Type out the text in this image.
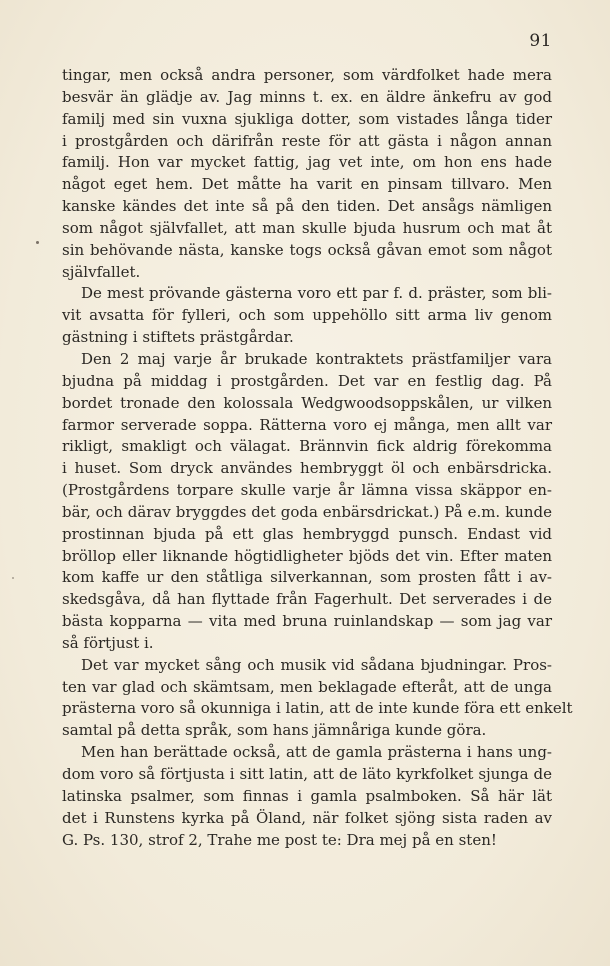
91
tingar, men också andra personer, som värdfolket hade mera
besvär än glädje av. Jag minns t. ex. en äldre änkefru av god
familj med sin vuxna sjukliga dotter, som vistades långa tider
i prostgården och därifrån reste för att gästa i någon annan
familj. Hon var mycket fattig, jag vet inte, om hon ens hade
något eget hem. Det måtte ha varit en pinsam tillvaro. Men
kanske kändes det inte så på den tiden. Det ansågs nämligen
som något självfallet, att man skulle bjuda husrum och mat åt
sin behövande nästa, kanske togs också gåvan emot som något
självfallet.
De mest prövande gästerna voro ett par f. d. präster, som bli-
vit avsatta för fylleri, och som uppehöllo sitt arma liv genom
gästning i stiftets prästgårdar.
Den 2 maj varje år brukade kontraktets prästfamiljer vara
bjudna på middag i prostgården. Det var en festlig dag. På
bordet tronade den kolossala Wedgwoodsoppskålen, ur vilken
farmor serverade soppa. Rätterna voro ej många, men allt var
rikligt, smakligt och välagat. Brännvin fick aldrig förekomma
i huset. Som dryck användes hembryggt öl och enbärsdricka.
(Prostgårdens torpare skulle varje år lämna vissa skäppor en-
bär, och därav bryggdes det goda enbärsdrickat.) På e.m. kunde
prostinnan bjuda på ett glas hembryggd punsch. Endast vid
bröllop eller liknande högtidligheter bjöds det vin. Efter maten
kom kaffe ur den ståtliga silverkannan, som prosten fått i av-
skedsgåva, då han flyttade från Fagerhult. Det serverades i de
bästa kopparna — vita med bruna ruinlandskap — som jag var
så förtjust i.
Det var mycket sång och musik vid sådana bjudningar. Pros-
ten var glad och skämtsam, men beklagade efteråt, att de unga
prästerna voro så okunniga i latin, att de inte kunde föra ett enkelt
samtal på detta språk, som hans jämnåriga kunde göra.
Men han berättade också, att de gamla prästerna i hans ung-
dom voro så förtjusta i sitt latin, att de läto kyrkfolket sjunga de
latinska psalmer, som finnas i gamla psalmboken. Så här lät
det i Runstens kyrka på Öland, när folket sjöng sista raden av
G. Ps. 130, strof 2, Trahe me post te: Dra mej på en sten!
